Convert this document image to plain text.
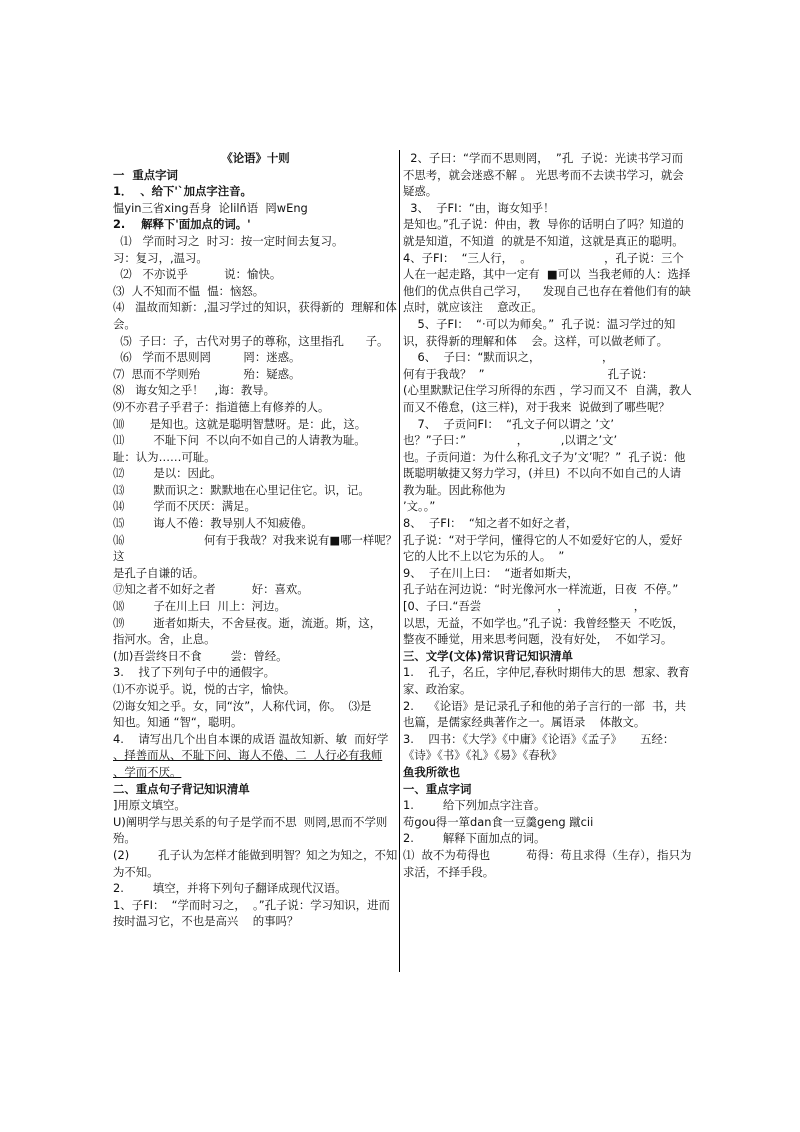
《论语》十则

一  重点字词

1．  、给下'`加点字注音。

愠yin三省xing吾身  论lilñ语  罔wEng

2.    解释下'面加点的词。'

⑴   学而时习之  时习：按一定时间去复习。

习：复习，,温习。

⑵   不亦说乎          说：愉快。

⑶  人不知而不愠  愠：恼怒。

⑷   温故而知新：,温习学过的知识，获得新的  理解和体会。

⑸  子曰：子，古代对男子的尊称，这里指孔      子。

⑹   学而不思则罔         罔：迷惑。

⑺  思而不学则殆            殆：疑惑。

⑻   诲女知之乎！   ,诲：教导。

⑼不亦君子乎君子：指道德上有修养的人。

⑽       是知也。这就是聪明智慧呀。是：此，这。

⑾        不耻下问  不以向不如自己的人请教为耻。

耻：认为……可耻。

⑿        是以：因此。

⒀        默而识之：默默地在心里记住它。识，记。

⒁        学而不厌厌：满足。

⒂        诲人不倦：教导别人不知疲倦。

⒃                      何有于我哉？对我来说有■哪一样呢？这

是孔子自谦的话。

⑰知之者不如好之者          好：喜欢。

⒅        子在川上曰  川上：河边。

⒆        逝者如斯夫，不舍昼夜。逝，流逝。斯，这，

指河水。舍，止息。

(加)吾尝终日不食        尝：曾经。

3.    找了下列句子中的通假字。

⑴不亦说乎。说，悦的古字，愉快。

⑵诲女知之乎。女，同“汝”，人称代词，你。  ⑶是

知也。知通 “智“，聪明。

4.    请写出几个出自本课的成语 温故知新、敏  而好学

、择善而从、不耻下问、诲人不倦、二  人行必有我师

、学而不厌。

二、重点句子背记知识清单

]用原文填空。

U)阐明学与思关系的句子是学而不思  则罔,思而不学则殆。

(2)        孔子认为怎样才能做到明智？知之为知之，不知为不知。

2.        填空，并将下列句子翻译成现代汉语。

1、子FI：  “学而时习之，  。”孔子说：学习知识，进而按时温习它，不也是高兴    的事吗？

2、子曰：“学而不思则罔，  ”孔  子说：光读书学习而不思考，就会迷惑不解 。 光思考而不去读书学习，就会疑惑。

3、  子FI：“由，诲女知乎！

是知也。”孔子说：仲由，教  导你的话明白了吗？知道的就是知道，不知道  的就是不知道，这就是真正的聪明。

4、子FI：  “三人行，  。                    ，孔子说：三个人在一起走路，其中一定有  ■可以  当我老师的人：选择他们的优点供自己学习，    发现自己也存在着他们有的缺点时，就应该注    意改正。

5、子FI：  “·可以为师矣。”  孔子说：温习学过的知识，获得新的理解和体    会。这样，可以做老师了。

6、  子曰：“默而识之，                 ，

何有于我哉？  ”                                  孔子说：

(心里默默记住学习所得的东西 ，学习而又不  自满，教人而又不倦怠，(这三样)，对于我来  说做到了哪些呢？

7、  子贡问FI：  “孔文子何以谓之 ’文’

也？”子曰：”              ，         ,以谓之’文’

也。子贡问道：为什么称孔文子为’文’呢？”  孔子说：他既聪明敏捷又努力学习，(并旦)  不以向不如自己的人请教为耻。因此称他为

’文。。”

8、  子FI：  “知之者不如好之者，

孔子说：“对于学问，懂得它的人不如爱好它的人，爱好它的人比不上以它为乐的人。  ”

9、  子在川上曰：  “逝者如斯夫，

孔子站在河边说：“时光像河水一样流逝，日夜  不停。”

[0、子曰.“吾尝                     ，                  ，

以思，无益，不如学也。”孔子说：我曾经整天  不吃饭，整夜不睡觉，用来思考问题，没有好处，  不如学习。

三、文学(文体)常识背记知识清单

1.    孔子，名丘，字仲尼,春秋时期伟大的思  想家、教育家、政治家。

2.    《论语》是记录孔子和他的弟子言行的一部  书，共也篇，是儒家经典著作之一。属语录    体散文。

3.    四书：《大学》《中庸》《论语》《孟子》     五经：《诗》《书》《礼》《易》《春秋》

鱼我所欲也

一、重点字词

1.        给下列加点字注音。

苟gou得一箪dan食一豆羹geng 蹴cii

2.        解释下面加点的词。

⑴  故不为苟得也          苟得：苟且求得（生存），指只为求活，不择手段。
